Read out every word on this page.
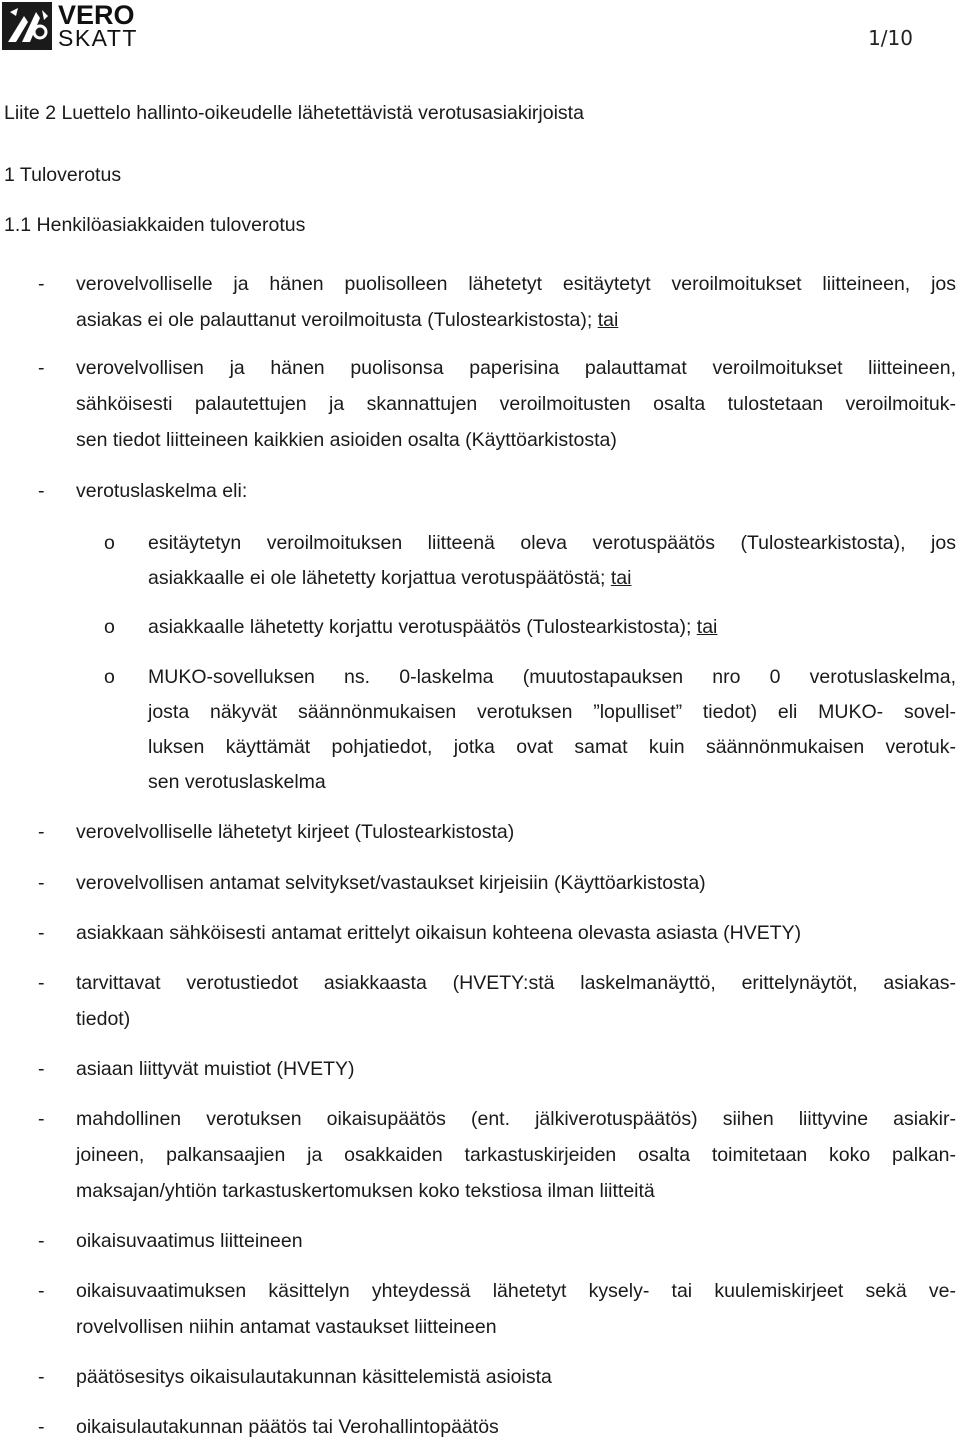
VERO
SKATT	1/10
Liite 2 Luettelo hallinto-oikeudelle lähetettävistä verotusasiakirjoista
1 Tuloverotus
1.1 Henkilöasiakkaiden tuloverotus
- verovelvolliselle ja hänen puolisolleen lähetetyt esitäytetyt veroilmoitukset liitteineen, jos
asiakas ei ole palauttanut veroilmoitusta (Tulostearkistosta); tai
- verovelvollisen ja hänen puolisonsa paperisina palauttamat veroilmoitukset liitteineen,
sähköisesti palautettujen ja skannattujen veroilmoitusten osalta tulostetaan veroilmoituk-
sen tiedot liitteineen kaikkien asioiden osalta (Käyttöarkistosta)
- verotuslaskelma eli:
o esitäytetyn veroilmoituksen liitteenä oleva verotuspäätös (Tulostearkistosta), jos
asiakkaalle ei ole lähetetty korjattua verotuspäätöstä; tai
o asiakkaalle lähetetty korjattu verotuspäätös (Tulostearkistosta); tai
o MUKO-sovelluksen ns. 0-laskelma (muutostapauksen nro 0 verotuslaskelma,
josta näkyvät säännönmukaisen verotuksen ”lopulliset” tiedot) eli MUKO- sovel-
luksen käyttämät pohjatiedot, jotka ovat samat kuin säännönmukaisen verotuk-
sen verotuslaskelma
- verovelvolliselle lähetetyt kirjeet (Tulostearkistosta)
- verovelvollisen antamat selvitykset/vastaukset kirjeisiin (Käyttöarkistosta)
- asiakkaan sähköisesti antamat erittelyt oikaisun kohteena olevasta asiasta (HVETY)
- tarvittavat verotustiedot asiakkaasta (HVETY:stä laskelmanäyttö, erittelynäytöt, asiakas-
tiedot)
- asiaan liittyvät muistiot (HVETY)
- mahdollinen verotuksen oikaisupäätös (ent. jälkiverotuspäätös) siihen liittyvine asiakir-
joineen, palkansaajien ja osakkaiden tarkastuskirjeiden osalta toimitetaan koko palkan-
maksajan/yhtiön tarkastuskertomuksen koko tekstiosa ilman liitteitä
- oikaisuvaatimus liitteineen
- oikaisuvaatimuksen käsittelyn yhteydessä lähetetyt kysely- tai kuulemiskirjeet sekä ve-
rovelvollisen niihin antamat vastaukset liitteineen
- päätösesitys oikaisulautakunnan käsittelemistä asioista
- oikaisulautakunnan päätös tai Verohallintopäätös
